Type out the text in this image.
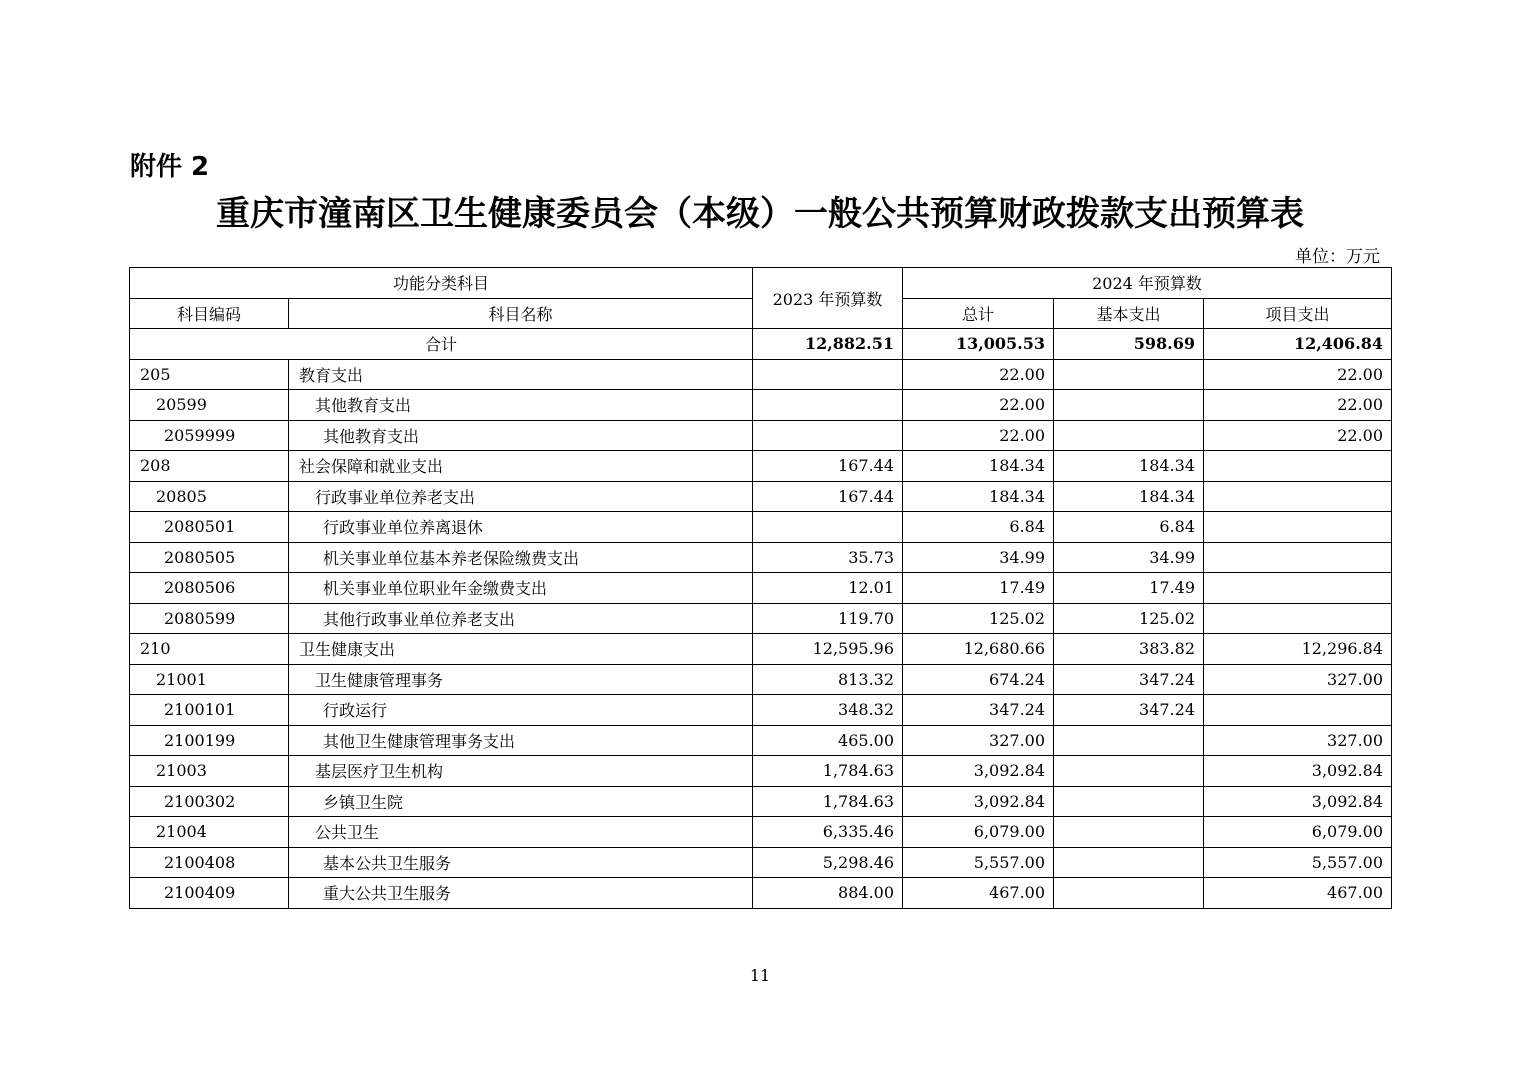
附件 2
重庆市潼南区卫生健康委员会（本级）一般公共预算财政拨款支出预算表
单位：万元
功能分类科目		2023 年预算数	2024 年预算数		
科目编码	科目名称		总计	基本支出	项目支出
合计		12,882.51	13,005.53	598.69	12,406.84
205	教育支出		22.00		22.00
20599	其他教育支出		22.00		22.00
2059999	其他教育支出		22.00		22.00
208	社会保障和就业支出	167.44	184.34	184.34	
20805	行政事业单位养老支出	167.44	184.34	184.34	
2080501	行政事业单位养离退休		6.84	6.84	
2080505	机关事业单位基本养老保险缴费支出	35.73	34.99	34.99	
2080506	机关事业单位职业年金缴费支出	12.01	17.49	17.49	
2080599	其他行政事业单位养老支出	119.70	125.02	125.02	
210	卫生健康支出	12,595.96	12,680.66	383.82	12,296.84
21001	卫生健康管理事务	813.32	674.24	347.24	327.00
2100101	行政运行	348.32	347.24	347.24	
2100199	其他卫生健康管理事务支出	465.00	327.00		327.00
21003	基层医疗卫生机构	1,784.63	3,092.84		3,092.84
2100302	乡镇卫生院	1,784.63	3,092.84		3,092.84
21004	公共卫生	6,335.46	6,079.00		6,079.00
2100408	基本公共卫生服务	5,298.46	5,557.00		5,557.00
2100409	重大公共卫生服务	884.00	467.00		467.00
11
